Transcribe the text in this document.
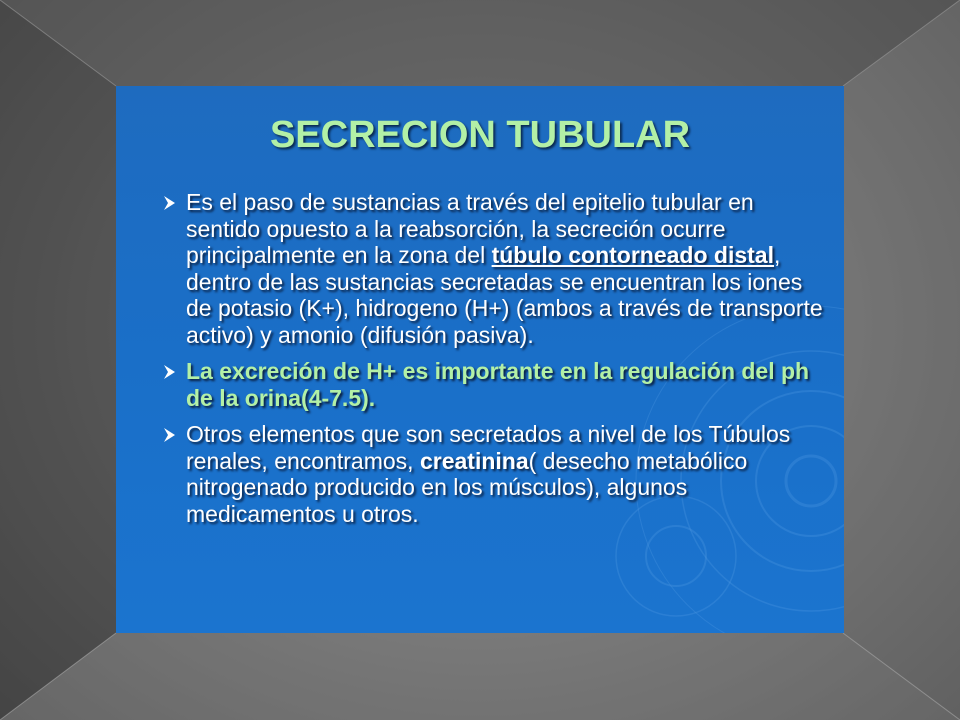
SECRECION TUBULAR
Es el paso de sustancias a través del epitelio tubular en sentido opuesto a la reabsorción, la secreción ocurre principalmente en la zona del túbulo contorneado distal, dentro de las sustancias secretadas se encuentran los iones de potasio (K+), hidrogeno (H+) (ambos a través de transporte activo) y amonio (difusión pasiva).
La excreción de H+ es importante en la regulación del ph de la orina(4-7.5).
Otros elementos que son secretados a nivel de los Túbulos renales, encontramos, creatinina( desecho metabólico nitrogenado producido en los músculos), algunos medicamentos u otros.
